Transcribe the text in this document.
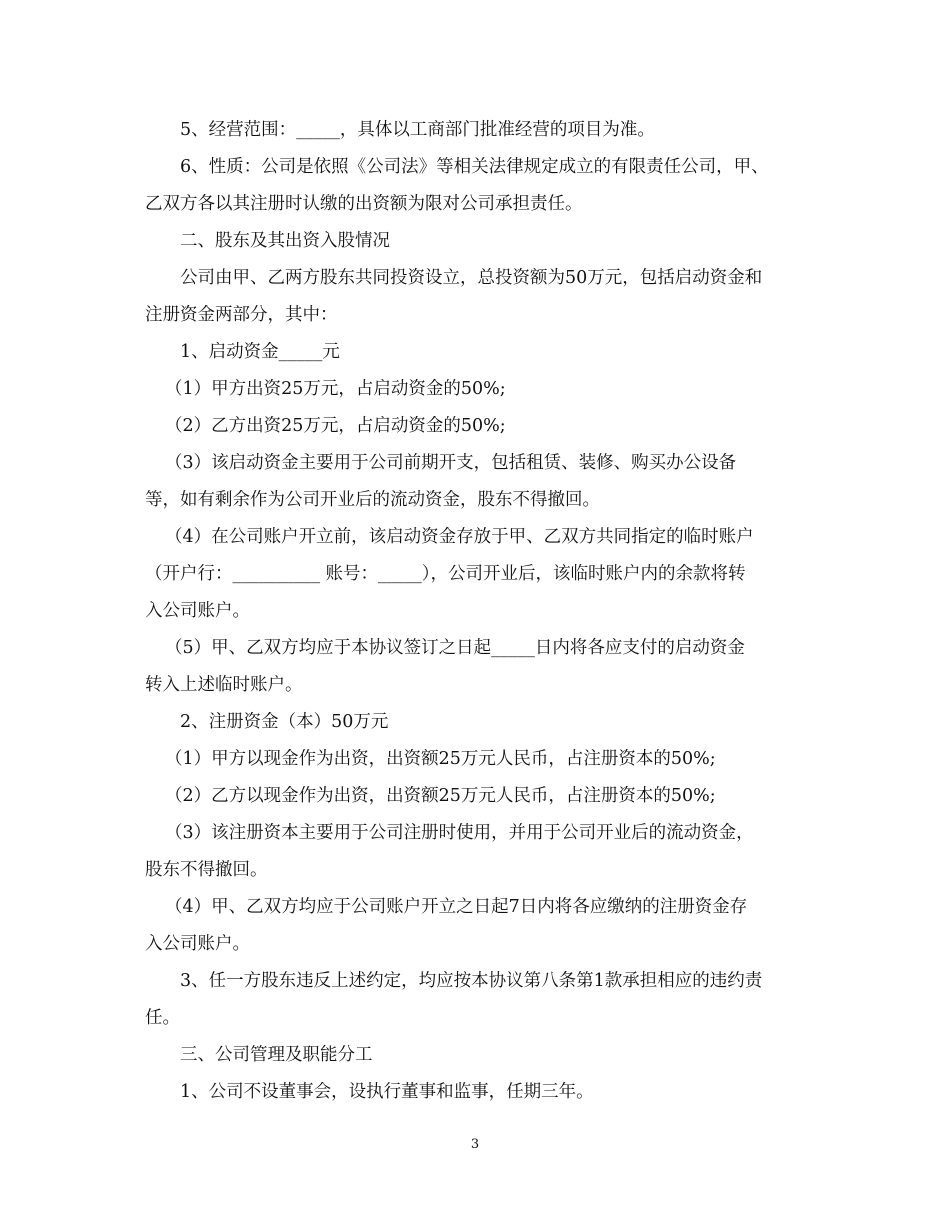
5、经营范围：_____，具体以工商部门批准经营的项目为准。
6、性质：公司是依照《公司法》等相关法律规定成立的有限责任公司，甲、
乙双方各以其注册时认缴的出资额为限对公司承担责任。
二、股东及其出资入股情况
公司由甲、乙两方股东共同投资设立，总投资额为50万元，包括启动资金和
注册资金两部分，其中：
1、启动资金_____元
（1）甲方出资25万元，占启动资金的50%;
（2）乙方出资25万元，占启动资金的50%;
（3）该启动资金主要用于公司前期开支，包括租赁、装修、购买办公设备
等，如有剩余作为公司开业后的流动资金，股东不得撤回。
（4）在公司账户开立前，该启动资金存放于甲、乙双方共同指定的临时账户
（开户行：__________ 账号：_____），公司开业后，该临时账户内的余款将转
入公司账户。
（5）甲、乙双方均应于本协议签订之日起_____日内将各应支付的启动资金
转入上述临时账户。
2、注册资金（本）50万元
（1）甲方以现金作为出资，出资额25万元人民币，占注册资本的50%;
（2）乙方以现金作为出资，出资额25万元人民币，占注册资本的50%;
（3）该注册资本主要用于公司注册时使用，并用于公司开业后的流动资金，
股东不得撤回。
（4）甲、乙双方均应于公司账户开立之日起7日内将各应缴纳的注册资金存
入公司账户。
3、任一方股东违反上述约定，均应按本协议第八条第1款承担相应的违约责
任。
三、公司管理及职能分工
1、公司不设董事会，设执行董事和监事，任期三年。
3
